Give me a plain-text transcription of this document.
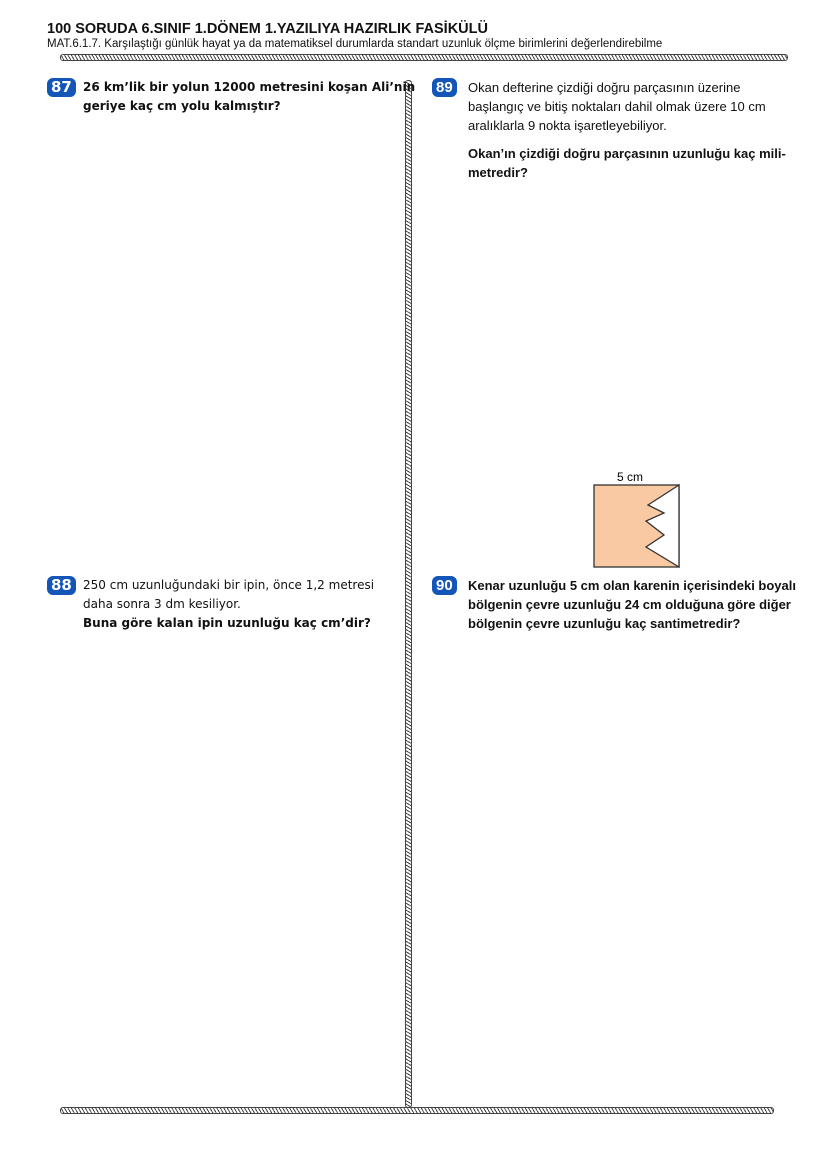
100 SORUDA 6.SINIF 1.DÖNEM 1.YAZILIYA HAZIRLIK FASİKÜLÜ
MAT.6.1.7. Karşılaştığı günlük hayat ya da matematiksel durumlarda standart uzunluk ölçme birimlerini değerlendirebilme
87 26 km’lik bir yolun 12000 metresini koşan Ali’nin
geriye kaç cm yolu kalmıştır?
88 250 cm uzunluğundaki bir ipin, önce 1,2 metresi
daha sonra 3 dm kesiliyor.
Buna göre kalan ipin uzunluğu kaç cm’dir?
89	Okan defterine çizdiği doğru parçasının üzerine
başlangıç ve bitiş noktaları dahil olmak üzere 10 cm
aralıklarla 9 nokta işaretleyebiliyor.
Okan’ın çizdiği doğru parçasının uzunluğu kaç mili-
metredir?
90	Kenar uzunluğu 5 cm olan karenin içerisindeki boyalı
bölgenin çevre uzunluğu 24 cm olduğuna göre diğer
bölgenin çevre uzunluğu kaç santimetredir?
5 cm
